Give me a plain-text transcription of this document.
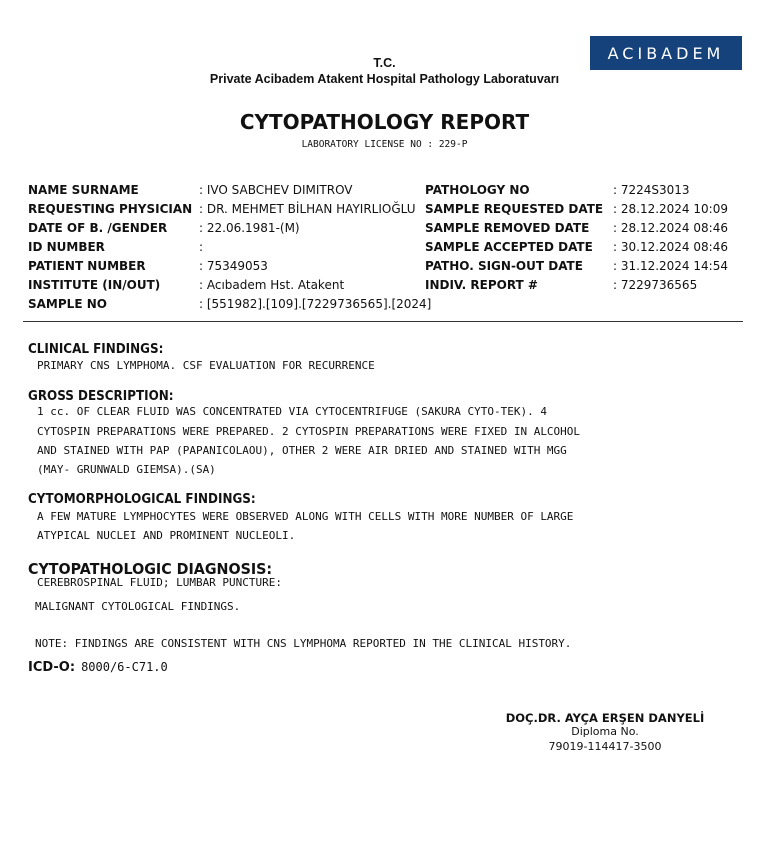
ACIBADEM
T.C.
Private Acibadem Atakent Hospital Pathology Laboratuvarı
CYTOPATHOLOGY REPORT
LABORATORY LICENSE NO : 229-P
NAME SURNAME	: IVO SABCHEV DIMITROV
REQUESTING PHYSICIAN : DR. MEHMET BİLHAN HAYIRLIOĞLU
DATE OF B. /GENDER	: 22.06.1981-(M)
ID NUMBER	:
PATIENT NUMBER	: 75349053
INSTITUTE (IN/OUT)	: Acıbadem Hst. Atakent
SAMPLE NO	: [551982].[109].[7229736565].[2024]
PATHOLOGY NO	: 7224S3013
SAMPLE REQUESTED DATE : 28.12.2024 10:09
SAMPLE REMOVED DATE : 28.12.2024 08:46
SAMPLE ACCEPTED DATE : 30.12.2024 08:46
PATHO. SIGN-OUT DATE	: 31.12.2024 14:54
INDIV. REPORT #	: 7229736565
CLINICAL FINDINGS:
PRIMARY CNS LYMPHOMA. CSF EVALUATION FOR RECURRENCE
GROSS DESCRIPTION:
1 cc. OF CLEAR FLUID WAS CONCENTRATED VIA CYTOCENTRIFUGE (SAKURA CYTO-TEK). 4
CYTOSPIN PREPARATIONS WERE PREPARED. 2 CYTOSPIN PREPARATIONS WERE FIXED IN ALCOHOL
AND STAINED WITH PAP (PAPANICOLAOU), OTHER 2 WERE AIR DRIED AND STAINED WITH MGG
(MAY- GRUNWALD GIEMSA).(SA)
CYTOMORPHOLOGICAL FINDINGS:
A FEW MATURE LYMPHOCYTES WERE OBSERVED ALONG WITH CELLS WITH MORE NUMBER OF LARGE
ATYPICAL NUCLEI AND PROMINENT NUCLEOLI.
CYTOPATHOLOGIC DIAGNOSIS:
CEREBROSPINAL FLUID; LUMBAR PUNCTURE:
MALIGNANT CYTOLOGICAL FINDINGS.
NOTE: FINDINGS ARE CONSISTENT WITH CNS LYMPHOMA REPORTED IN THE CLINICAL HISTORY.
ICD-O: 8000/6-C71.0
DOÇ.DR. AYÇA ERŞEN DANYELİ
Diploma No.
79019-114417-3500
